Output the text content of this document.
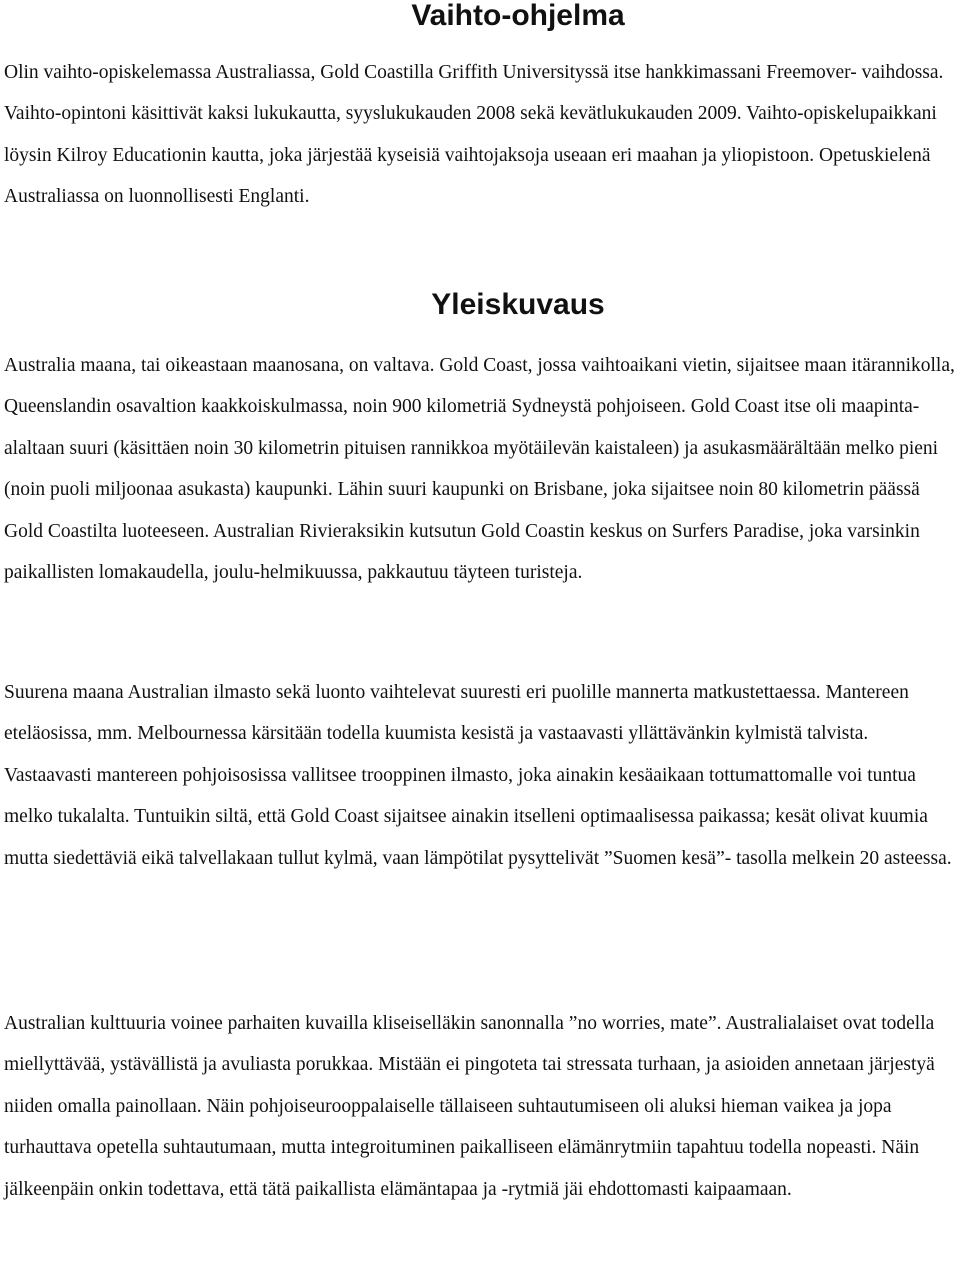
Vaihto-ohjelma

Olin vaihto-opiskelemassa Australiassa, Gold Coastilla Griffith Universityssä itse hankkimassani Freemover- vaihdossa. Vaihto-opintoni käsittivät kaksi lukukautta, syyslukukauden 2008 sekä kevätlukukauden 2009. Vaihto-opiskelupaikkani löysin Kilroy Educationin kautta, joka järjestää kyseisiä vaihtojaksoja useaan eri maahan ja yliopistoon. Opetuskielenä Australiassa on luonnollisesti Englanti.

Yleiskuvaus

Australia maana, tai oikeastaan maanosana, on valtava. Gold Coast, jossa vaihtoaikani vietin, sijaitsee maan itärannikolla, Queenslandin osavaltion kaakkoiskulmassa, noin 900 kilometriä Sydneystä pohjoiseen. Gold Coast itse oli maapinta-alaltaan suuri (käsittäen noin 30 kilometrin pituisen rannikkoa myötäilevän kaistaleen) ja asukasmäärältään melko pieni (noin puoli miljoonaa asukasta) kaupunki. Lähin suuri kaupunki on Brisbane, joka sijaitsee noin 80 kilometrin päässä Gold Coastilta luoteeseen. Australian Rivieraksikin kutsutun Gold Coastin keskus on Surfers Paradise, joka varsinkin paikallisten lomakaudella, joulu-helmikuussa, pakkautuu täyteen turisteja.

Suurena maana Australian ilmasto sekä luonto vaihtelevat suuresti eri puolille mannerta matkustettaessa. Mantereen eteläosissa, mm. Melbournessa kärsitään todella kuumista kesistä ja vastaavasti yllättävänkin kylmistä talvista. Vastaavasti mantereen pohjoisosissa vallitsee trooppinen ilmasto, joka ainakin kesäaikaan tottumattomalle voi tuntua melko tukalalta. Tuntuikin siltä, että Gold Coast sijaitsee ainakin itselleni optimaalisessa paikassa; kesät olivat kuumia mutta siedettäviä eikä talvellakaan tullut kylmä, vaan lämpötilat pysyttelivät ”Suomen kesä”- tasolla melkein 20 asteessa.

Australian kulttuuria voinee parhaiten kuvailla kliseiselläkin sanonnalla ”no worries, mate”. Australialaiset ovat todella miellyttävää, ystävällistä ja avuliasta porukkaa. Mistään ei pingoteta tai stressata turhaan, ja asioiden annetaan järjestyä niiden omalla painollaan. Näin pohjoiseurooppalaiselle tällaiseen suhtautumiseen oli aluksi hieman vaikea ja jopa turhauttava opetella suhtautumaan, mutta integroituminen paikalliseen elämänrytmiin tapahtuu todella nopeasti. Näin jälkeenpäin onkin todettava, että tätä paikallista elämäntapaa ja -rytmiä jäi ehdottomasti kaipaamaan.
